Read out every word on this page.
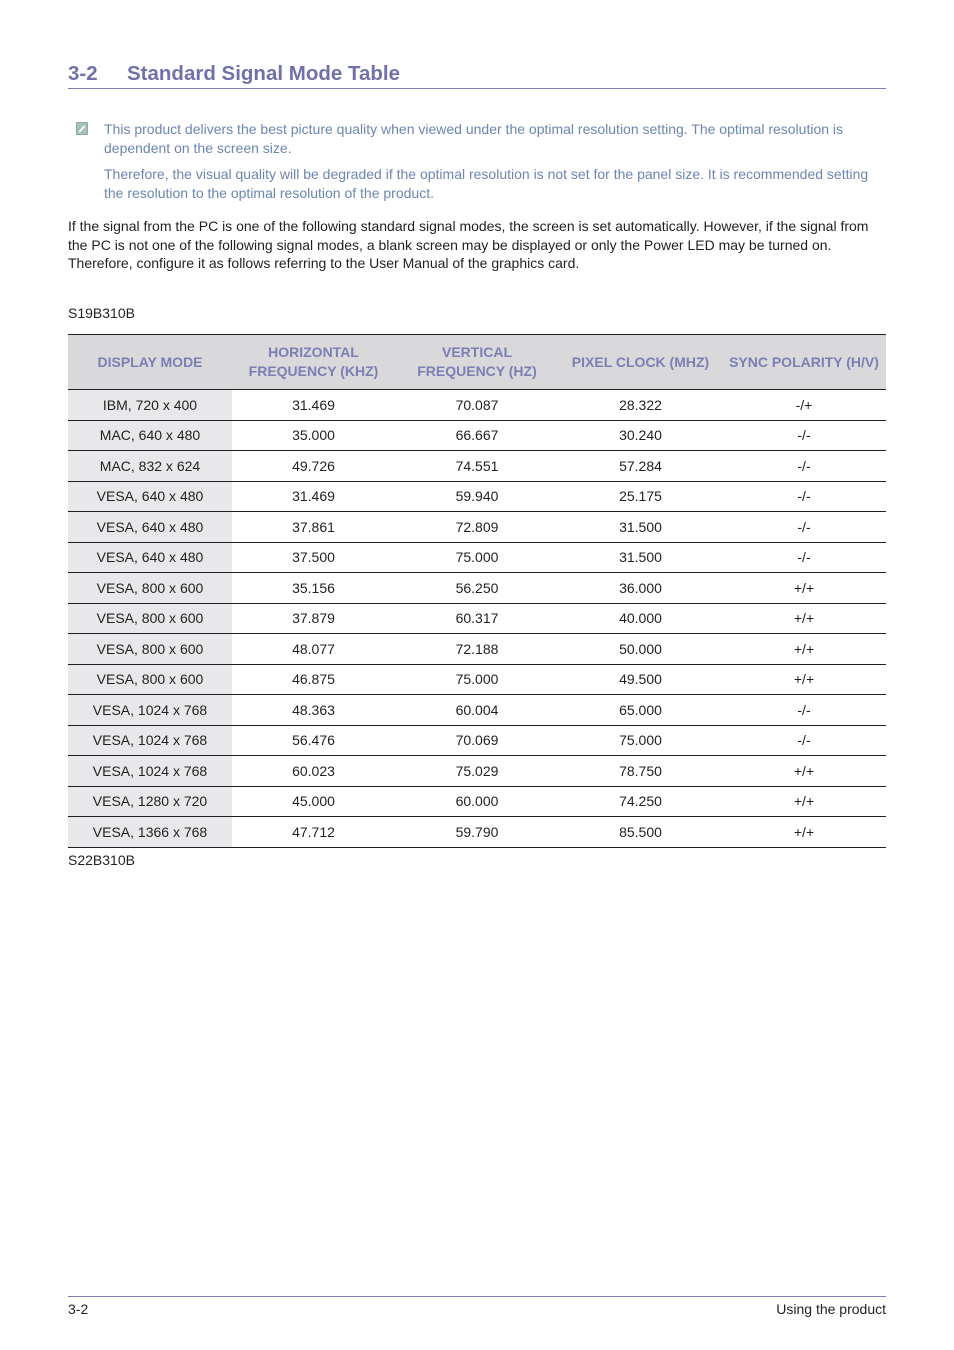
3-2 Standard Signal Mode Table
This product delivers the best picture quality when viewed under the optimal resolution setting. The optimal resolution is dependent on the screen size.
Therefore, the visual quality will be degraded if the optimal resolution is not set for the panel size. It is recommended setting the resolution to the optimal resolution of the product.
If the signal from the PC is one of the following standard signal modes, the screen is set automatically. However, if the signal from the PC is not one of the following signal modes, a blank screen may be displayed or only the Power LED may be turned on. Therefore, configure it as follows referring to the User Manual of the graphics card.
S19B310B
DISPLAY MODE	HORIZONTAL FREQUENCY (KHZ)	VERTICAL FREQUENCY (HZ)	PIXEL CLOCK (MHZ)	SYNC POLARITY (H/V)
IBM, 720 x 400	31.469	70.087	28.322	-/+
MAC, 640 x 480	35.000	66.667	30.240	-/-
MAC, 832 x 624	49.726	74.551	57.284	-/-
VESA, 640 x 480	31.469	59.940	25.175	-/-
VESA, 640 x 480	37.861	72.809	31.500	-/-
VESA, 640 x 480	37.500	75.000	31.500	-/-
VESA, 800 x 600	35.156	56.250	36.000	+/+
VESA, 800 x 600	37.879	60.317	40.000	+/+
VESA, 800 x 600	48.077	72.188	50.000	+/+
VESA, 800 x 600	46.875	75.000	49.500	+/+
VESA, 1024 x 768	48.363	60.004	65.000	-/-
VESA, 1024 x 768	56.476	70.069	75.000	-/-
VESA, 1024 x 768	60.023	75.029	78.750	+/+
VESA, 1280 x 720	45.000	60.000	74.250	+/+
VESA, 1366 x 768	47.712	59.790	85.500	+/+
S22B310B
3-2	Using the product
